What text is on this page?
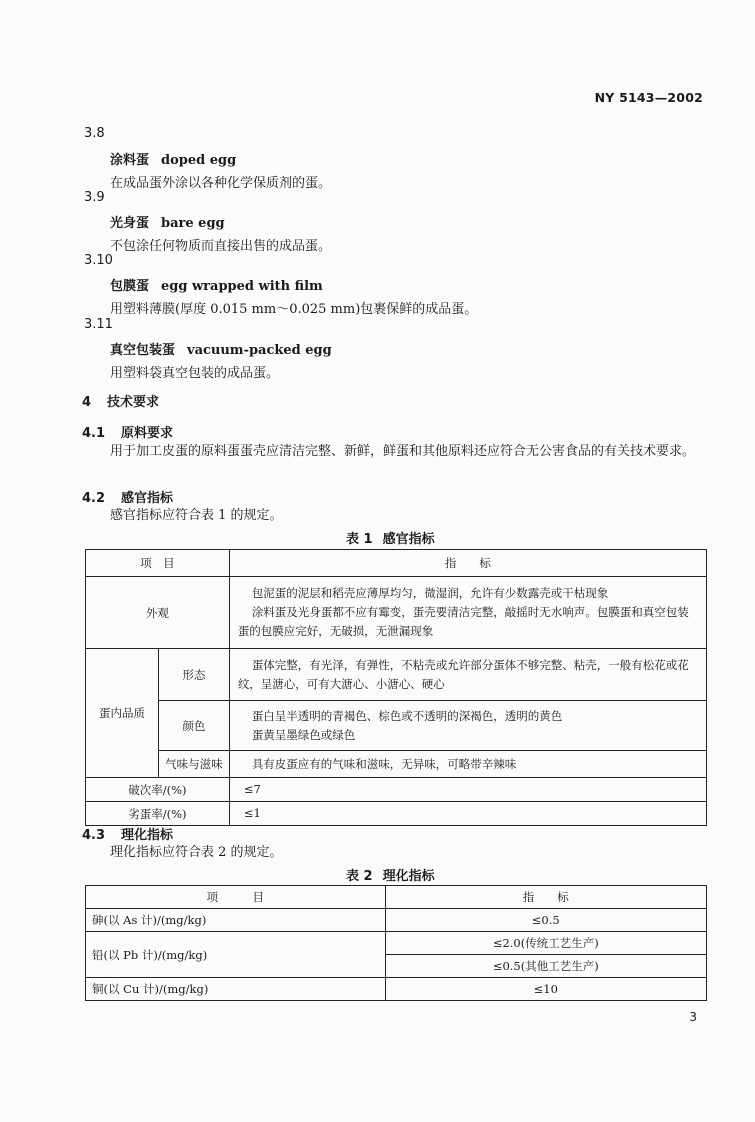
NY 5143—2002
3.8
涂料蛋 doped egg
在成品蛋外涂以各种化学保质剂的蛋。
3.9
光身蛋 bare egg
不包涂任何物质而直接出售的成品蛋。
3.10
包膜蛋 egg wrapped with film
用塑料薄膜(厚度 0.015 mm～0.025 mm)包裹保鲜的成品蛋。
3.11
真空包装蛋 vacuum-packed egg
用塑料袋真空包装的成品蛋。
4 技术要求
4.1 原料要求
用于加工皮蛋的原料蛋蛋壳应清洁完整、新鲜，鲜蛋和其他原料还应符合无公害食品的有关技术要求。
4.2 感官指标
感官指标应符合表 1 的规定。
表 1 感官指标
项　目		指　　标
外观		包泥蛋的泥层和稻壳应薄厚均匀，微湿润，允许有少数露壳或干枯现象
涂料蛋及光身蛋都不应有霉变，蛋壳要清洁完整，敲摇时无水响声。包膜蛋和真空包装蛋的包膜应完好，无破损，无泄漏现象

蛋内品质	形态	蛋体完整，有光泽，有弹性，不粘壳或允许部分蛋体不够完整、粘壳，一般有松花或花纹，呈溏心，可有大溏心、小溏心、硬心
	颜色	蛋白呈半透明的青褐色、棕色或不透明的深褐色，透明的黄色
蛋黄呈墨绿色或绿色

	气味与滋味	具有皮蛋应有的气味和滋味，无异味，可略带辛辣味
破次率/(%)		≤7
劣蛋率/(%)		≤1
4.3 理化指标
理化指标应符合表 2 的规定。
表 2 理化指标
项　　　目	指　　标
砷(以 As 计)/(mg/kg)	≤0.5
铅(以 Pb 计)/(mg/kg)	≤2.0(传统工艺生产)
	≤0.5(其他工艺生产)
铜(以 Cu 计)/(mg/kg)	≤10
3
